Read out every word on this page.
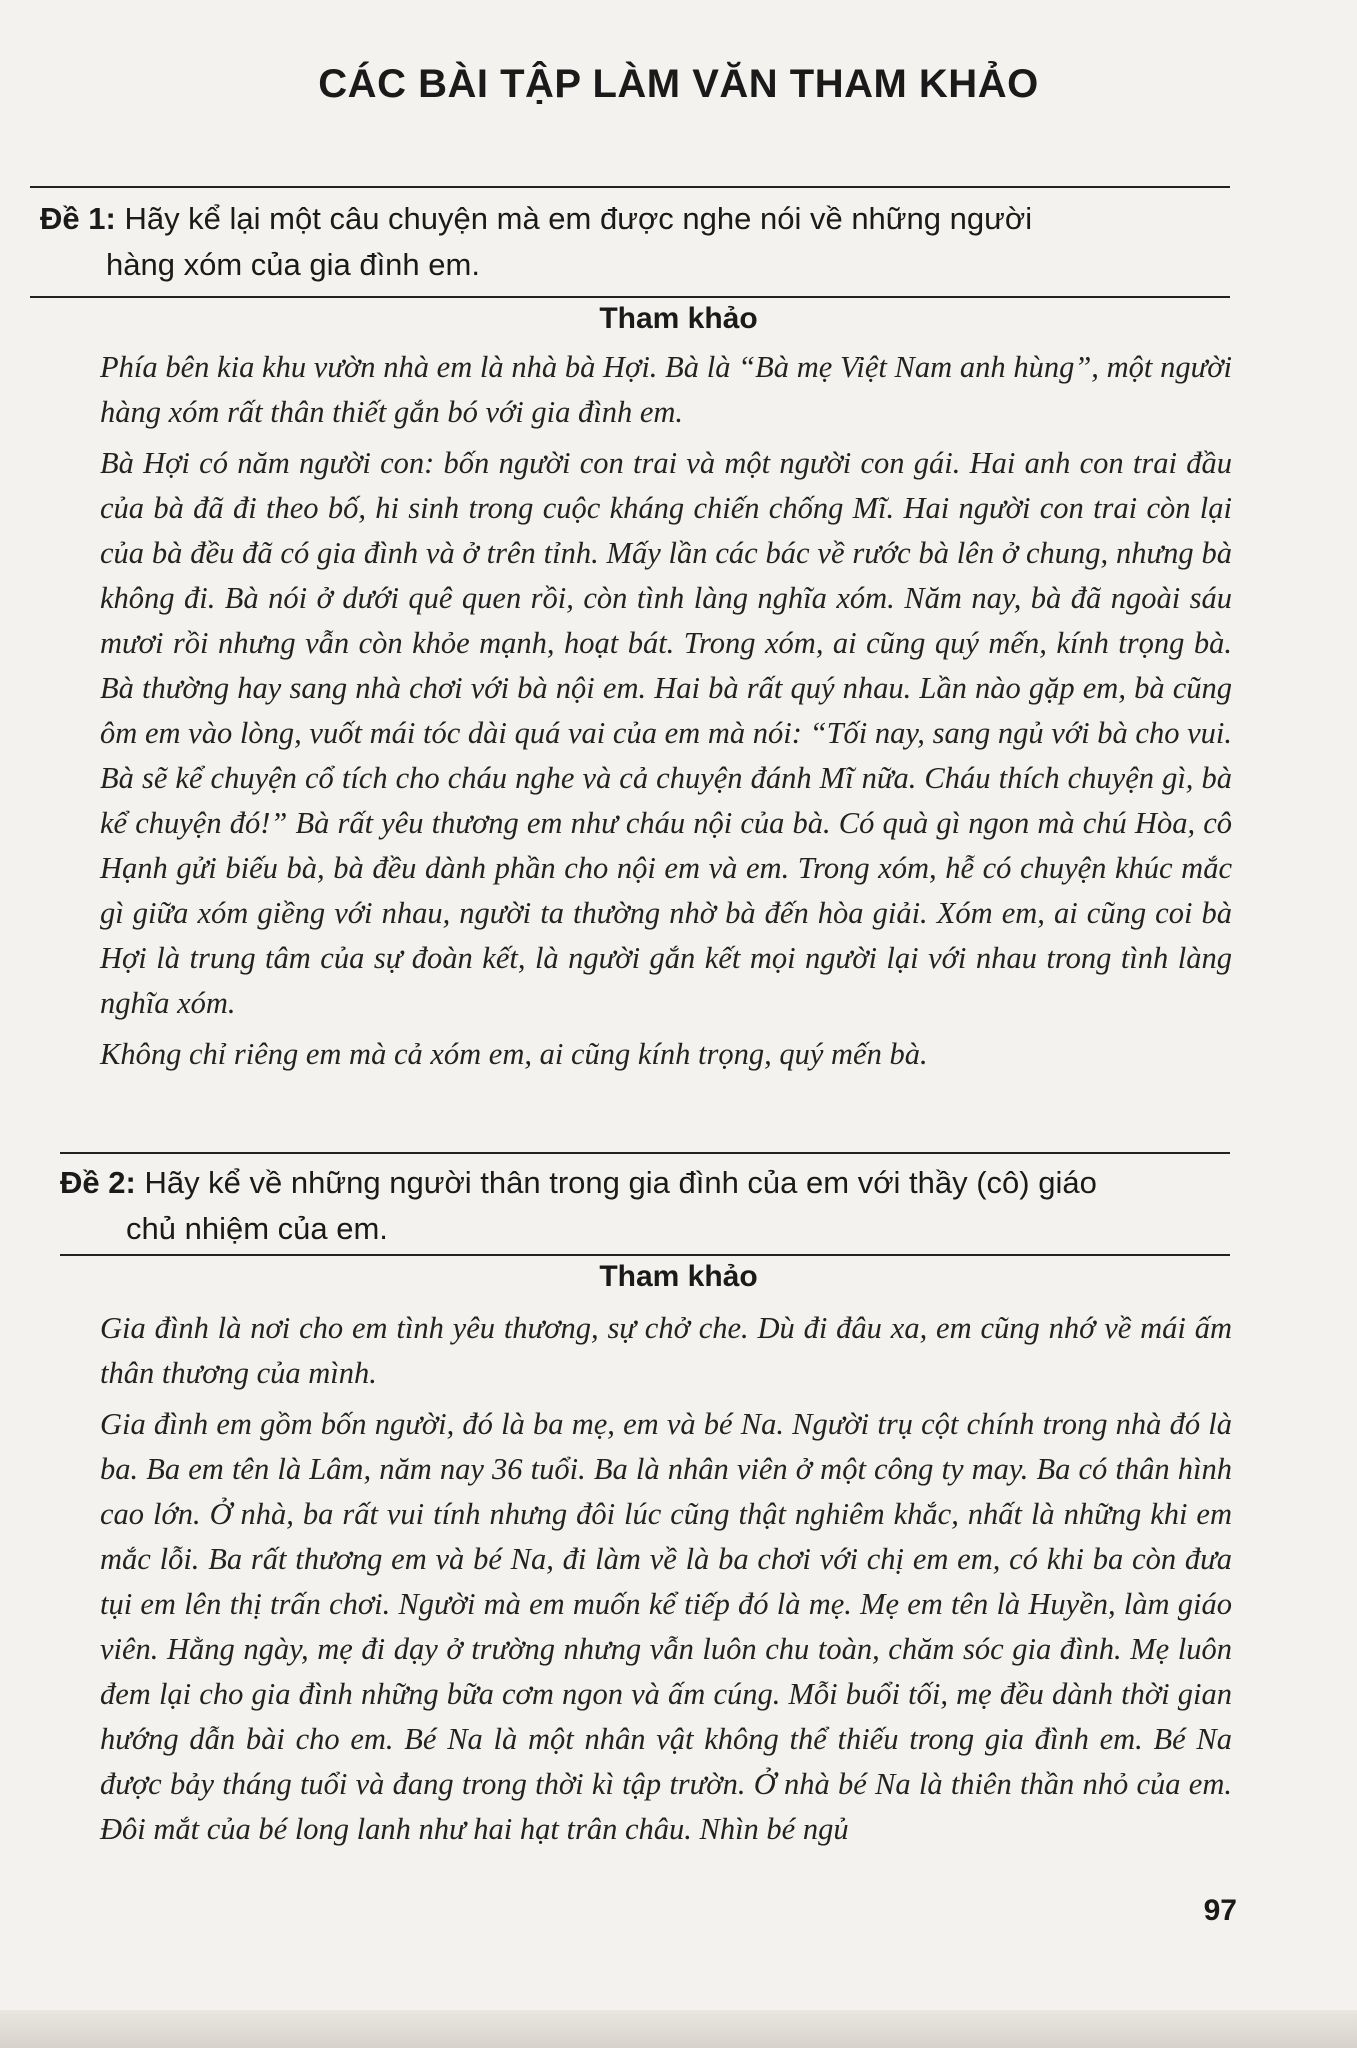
CÁC BÀI TẬP LÀM VĂN THAM KHẢO
Đề 1: Hãy kể lại một câu chuyện mà em được nghe nói về những người
hàng xóm của gia đình em.
Tham khảo

Phía bên kia khu vườn nhà em là nhà bà Hợi. Bà là “Bà mẹ Việt Nam anh hùng”, một người hàng xóm rất thân thiết gắn bó với gia đình em.

Bà Hợi có năm người con: bốn người con trai và một người con gái. Hai anh con trai đầu của bà đã đi theo bố, hi sinh trong cuộc kháng chiến chống Mĩ. Hai người con trai còn lại của bà đều đã có gia đình và ở trên tỉnh. Mấy lần các bác về rước bà lên ở chung, nhưng bà không đi. Bà nói ở dưới quê quen rồi, còn tình làng nghĩa xóm. Năm nay, bà đã ngoài sáu mươi rồi nhưng vẫn còn khỏe mạnh, hoạt bát. Trong xóm, ai cũng quý mến, kính trọng bà. Bà thường hay sang nhà chơi với bà nội em. Hai bà rất quý nhau. Lần nào gặp em, bà cũng ôm em vào lòng, vuốt mái tóc dài quá vai của em mà nói: “Tối nay, sang ngủ với bà cho vui. Bà sẽ kể chuyện cổ tích cho cháu nghe và cả chuyện đánh Mĩ nữa. Cháu thích chuyện gì, bà kể chuyện đó!” Bà rất yêu thương em như cháu nội của bà. Có quà gì ngon mà chú Hòa, cô Hạnh gửi biếu bà, bà đều dành phần cho nội em và em. Trong xóm, hễ có chuyện khúc mắc gì giữa xóm giềng với nhau, người ta thường nhờ bà đến hòa giải. Xóm em, ai cũng coi bà Hợi là trung tâm của sự đoàn kết, là người gắn kết mọi người lại với nhau trong tình làng nghĩa xóm.

Không chỉ riêng em mà cả xóm em, ai cũng kính trọng, quý mến bà.

Đề 2: Hãy kể về những người thân trong gia đình của em với thầy (cô) giáo
chủ nhiệm của em.
Tham khảo

Gia đình là nơi cho em tình yêu thương, sự chở che. Dù đi đâu xa, em cũng nhớ về mái ấm thân thương của mình.

Gia đình em gồm bốn người, đó là ba mẹ, em và bé Na. Người trụ cột chính trong nhà đó là ba. Ba em tên là Lâm, năm nay 36 tuổi. Ba là nhân viên ở một công ty may. Ba có thân hình cao lớn. Ở nhà, ba rất vui tính nhưng đôi lúc cũng thật nghiêm khắc, nhất là những khi em mắc lỗi. Ba rất thương em và bé Na, đi làm về là ba chơi với chị em em, có khi ba còn đưa tụi em lên thị trấn chơi. Người mà em muốn kể tiếp đó là mẹ. Mẹ em tên là Huyền, làm giáo viên. Hằng ngày, mẹ đi dạy ở trường nhưng vẫn luôn chu toàn, chăm sóc gia đình. Mẹ luôn đem lại cho gia đình những bữa cơm ngon và ấm cúng. Mỗi buổi tối, mẹ đều dành thời gian hướng dẫn bài cho em. Bé Na là một nhân vật không thể thiếu trong gia đình em. Bé Na được bảy tháng tuổi và đang trong thời kì tập trườn. Ở nhà bé Na là thiên thần nhỏ của em. Đôi mắt của bé long lanh như hai hạt trân châu. Nhìn bé ngủ

97
